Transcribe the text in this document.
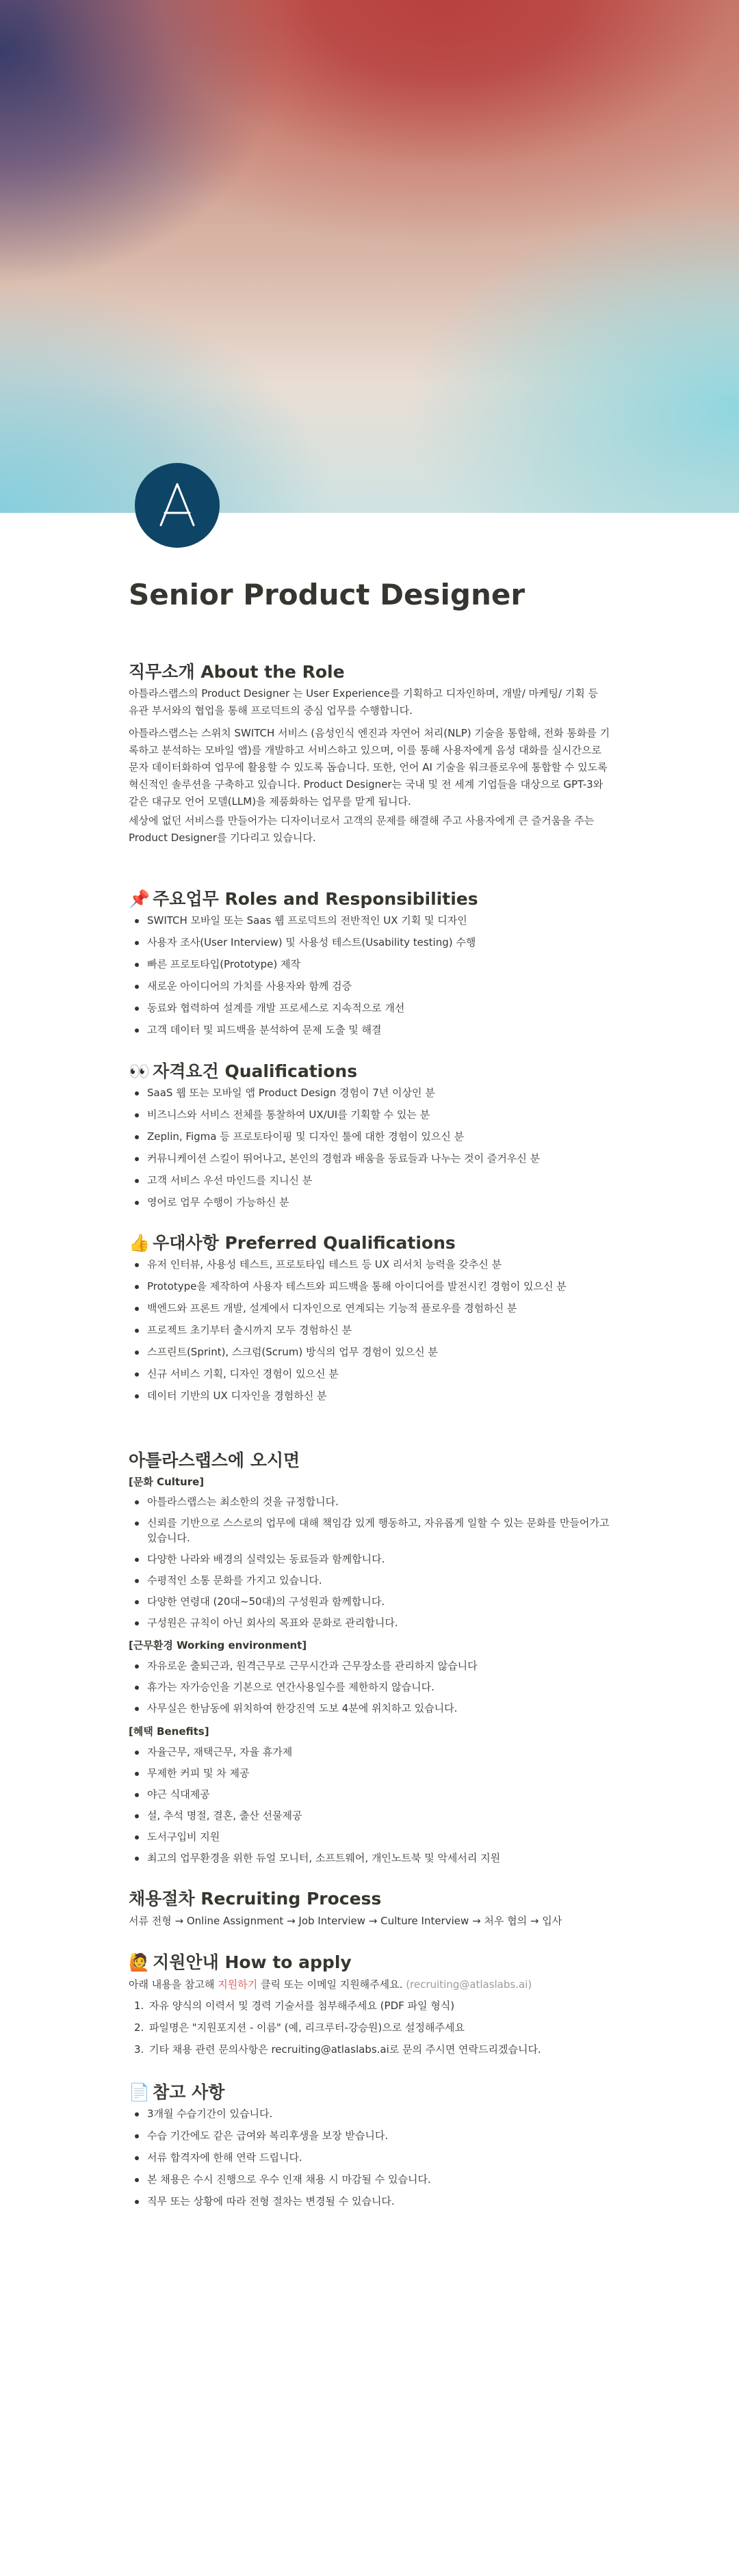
Senior Product Designer
직무소개 About the Role

아틀라스랩스의 Product Designer 는 User Experience를 기획하고 디자인하며, 개발/ 마케팅/ 기획 등 유관 부서와의 협업을 통해 프로덕트의 중심 업무를 수행합니다.

아틀라스랩스는 스위치 SWITCH 서비스 (음성인식 엔진과 자연어 처리(NLP) 기술을 통합해, 전화 통화를 기록하고 분석하는 모바일 앱)를 개발하고 서비스하고 있으며, 이를 통해 사용자에게 음성 대화를 실시간으로 문자 데이터화하여 업무에 활용할 수 있도록 돕습니다. 또한, 언어 AI 기술을 워크플로우에 통합할 수 있도록 혁신적인 솔루션을 구축하고 있습니다. Product Designer는 국내 및 전 세계 기업들을 대상으로 GPT-3와 같은 대규모 언어 모델(LLM)을 제품화하는 업무를 맡게 됩니다.

세상에 없던 서비스를 만들어가는 디자이너로서 고객의 문제를 해결해 주고 사용자에게 큰 즐거움을 주는 Product Designer를 기다리고 있습니다.

📌 주요업무 Roles and Responsibilities
SWITCH 모바일 또는 Saas 웹 프로덕트의 전반적인 UX 기획 및 디자인
사용자 조사(User Interview) 및 사용성 테스트(Usability testing) 수행
빠른 프로토타입(Prototype) 제작
새로운 아이디어의 가치를 사용자와 함께 검증
동료와 협력하여 설계를 개발 프로세스로 지속적으로 개선
고객 데이터 및 피드백을 분석하여 문제 도출 및 해결
👀 자격요건 Qualifications
SaaS 웹 또는 모바일 앱 Product Design 경험이 7년 이상인 분
비즈니스와 서비스 전체를 통찰하여 UX/UI를 기획할 수 있는 분
Zeplin, Figma 등 프로토타이핑 및 디자인 툴에 대한 경험이 있으신 분
커뮤니케이션 스킬이 뛰어나고, 본인의 경험과 배움을 동료들과 나누는 것이 즐거우신 분
고객 서비스 우선 마인드를 지니신 분
영어로 업무 수행이 가능하신 분
👍 우대사항 Preferred Qualifications
유저 인터뷰, 사용성 테스트, 프로토타입 테스트 등 UX 리서치 능력을 갖추신 분
Prototype을 제작하여 사용자 테스트와 피드백을 통해 아이디어를 발전시킨 경험이 있으신 분
백엔드와 프론트 개발, 설계에서 디자인으로 연계되는 기능적 플로우를 경험하신 분
프로젝트 초기부터 출시까지 모두 경험하신 분
스프린트(Sprint), 스크럼(Scrum) 방식의 업무 경험이 있으신 분
신규 서비스 기획, 디자인 경험이 있으신 분
데이터 기반의 UX 디자인을 경험하신 분
아틀라스랩스에 오시면
[문화 Culture]
아틀라스랩스는 최소한의 것을 규정합니다.
신뢰를 기반으로 스스로의 업무에 대해 책임감 있게 행동하고, 자유롭게 일할 수 있는 문화를 만들어가고 있습니다.
다양한 나라와 배경의 실력있는 동료들과 함께합니다.
수평적인 소통 문화를 가지고 있습니다.
다양한 연령대 (20대~50대)의 구성원과 함께합니다.
구성원은 규칙이 아닌 회사의 목표와 문화로 관리합니다.
[근무환경 Working environment]
자유로운 출퇴근과, 원격근무로 근무시간과 근무장소를 관리하지 않습니다
휴가는 자가승인을 기본으로 연간사용일수를 제한하지 않습니다.
사무실은 한남동에 위치하여 한강진역 도보 4분에 위치하고 있습니다.
[혜택 Benefits]
자율근무, 재택근무, 자율 휴가제
무제한 커피 및 차 제공
야근 식대제공
설, 추석 명절, 결혼, 출산 선물제공
도서구입비 지원
최고의 업무환경을 위한 듀얼 모니터, 소프트웨어, 개인노트북 및 악세서리 지원
채용절차 Recruiting Process

서류 전형 → Online Assignment → Job Interview → Culture Interview → 처우 협의 → 입사

🙋 지원안내 How to apply

아래 내용을 참고해 지원하기 클릭 또는 이메일 지원해주세요. (recruiting@atlaslabs.ai)

1. 자유 양식의 이력서 및 경력 기술서를 첨부해주세요 (PDF 파일 형식)
2. 파일명은 "지원포지션 - 이름" (예, 리크루터-강승원)으로 설정해주세요
3. 기타 채용 관련 문의사항은 recruiting@atlaslabs.ai로 문의 주시면 연락드리겠습니다.
📄 참고 사항
3개월 수습기간이 있습니다.
수습 기간에도 같은 급여와 복리후생을 보장 받습니다.
서류 합격자에 한해 연락 드립니다.
본 채용은 수시 진행으로 우수 인재 채용 시 마감될 수 있습니다.
직무 또는 상황에 따라 전형 절차는 변경될 수 있습니다.
